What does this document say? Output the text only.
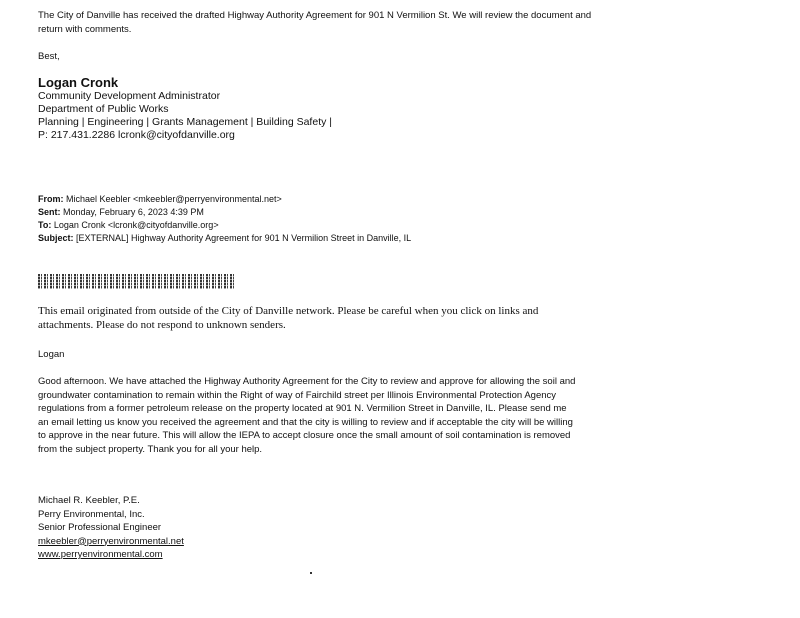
The City of Danville has received the drafted Highway Authority Agreement for 901 N Vermilion St. We will review the document and return with comments.
Best,
Logan Cronk
Community Development Administrator
Department of Public Works
Planning | Engineering | Grants Management | Building Safety |
P: 217.431.2286 lcronk@cityofdanville.org
From: Michael Keebler <mkeebler@perryenvironmental.net>
Sent: Monday, February 6, 2023 4:39 PM
To: Logan Cronk <lcronk@cityofdanville.org>
Subject: [EXTERNAL] Highway Authority Agreement for 901 N Vermilion Street in Danville, IL
This email originated from outside of the City of Danville network. Please be careful when you click on links and attachments. Please do not respond to unknown senders.
Logan
Good afternoon. We have attached the Highway Authority Agreement for the City to review and approve for allowing the soil and groundwater contamination to remain within the Right of way of Fairchild street per Illinois Environmental Protection Agency regulations from a former petroleum release on the property located at 901 N. Vermilion Street in Danville, IL. Please send me an email letting us know you received the agreement and that the city is willing to review and if acceptable the city will be willing to approve in the near future. This will allow the IEPA to accept closure once the small amount of soil contamination is removed from the subject property. Thank you for all your help.
Michael R. Keebler, P.E.
Perry Environmental, Inc.
Senior Professional Engineer
mkeebler@perryenvironmental.net
www.perryenvironmental.com
